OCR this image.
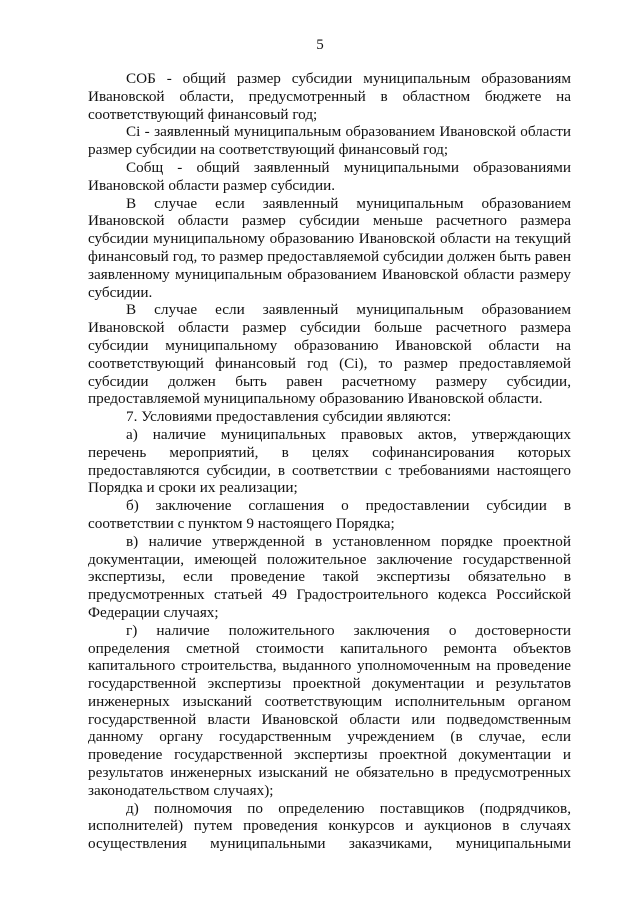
5

СОБ - общий размер субсидии муниципальным образованиям Ивановской области, предусмотренный в областном бюджете на соответствующий финансовый год;

Сi - заявленный муниципальным образованием Ивановской области размер субсидии на соответствующий финансовый год;

Собщ - общий заявленный муниципальными образованиями Ивановской области размер субсидии.

В случае если заявленный муниципальным образованием Ивановской области размер субсидии меньше расчетного размера субсидии муниципальному образованию Ивановской области на текущий финансовый год, то размер предоставляемой субсидии должен быть равен заявленному муниципальным образованием Ивановской области размеру субсидии.

В случае если заявленный муниципальным образованием Ивановской области размер субсидии больше расчетного размера субсидии муниципальному образованию Ивановской области на соответствующий финансовый год (Сi), то размер предоставляемой субсидии должен быть равен расчетному размеру субсидии, предоставляемой муниципальному образованию Ивановской области.

7. Условиями предоставления субсидии являются:

а) наличие муниципальных правовых актов, утверждающих перечень мероприятий, в целях софинансирования которых предоставляются субсидии, в соответствии с требованиями настоящего Порядка и сроки их реализации;

б) заключение соглашения о предоставлении субсидии в соответствии с пунктом 9 настоящего Порядка;

в) наличие утвержденной в установленном порядке проектной документации, имеющей положительное заключение государственной экспертизы, если проведение такой экспертизы обязательно в предусмотренных статьей 49 Градостроительного кодекса Российской Федерации случаях;

г) наличие положительного заключения о достоверности определения сметной стоимости капитального ремонта объектов капитального строительства, выданного уполномоченным на проведение государственной экспертизы проектной документации и результатов инженерных изысканий соответствующим исполнительным органом государственной власти Ивановской области или подведомственным данному органу государственным учреждением (в случае, если проведение государственной экспертизы проектной документации и результатов инженерных изысканий не обязательно в предусмотренных законодательством случаях);

д) полномочия по определению поставщиков (подрядчиков, исполнителей) путем проведения конкурсов и аукционов в случаях осуществления муниципальными заказчиками, муниципальными
